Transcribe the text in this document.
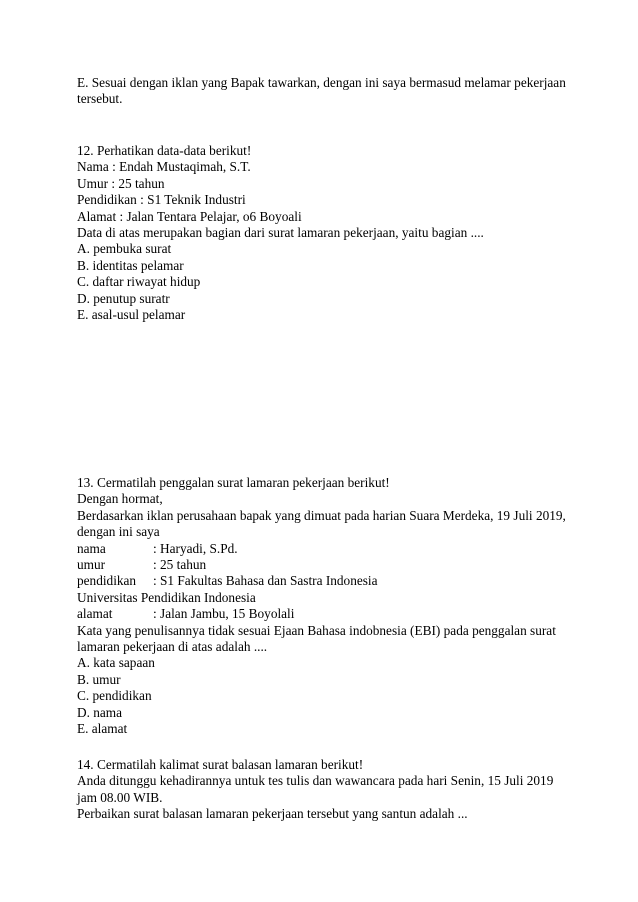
E. Sesuai dengan iklan yang Bapak tawarkan, dengan ini saya bermasud melamar pekerjaan tersebut.
12. Perhatikan data-data berikut!
Nama : Endah Mustaqimah, S.T.
Umur : 25 tahun
Pendidikan : S1 Teknik Industri
Alamat : Jalan Tentara Pelajar, o6 Boyoali
Data di atas merupakan bagian dari surat lamaran pekerjaan, yaitu bagian ....
A. pembuka surat
B. identitas pelamar
C. daftar riwayat hidup
D. penutup suratr
E. asal-usul pelamar
13. Cermatilah penggalan surat lamaran pekerjaan berikut!
Dengan hormat,
Berdasarkan iklan perusahaan bapak yang dimuat pada harian Suara Merdeka, 19 Juli 2019, dengan ini saya
nama	: Haryadi, S.Pd.
umur	: 25 tahun
pendidikan	: S1 Fakultas Bahasa dan Sastra Indonesia
Universitas Pendidikan Indonesia
alamat	: Jalan Jambu, 15 Boyolali
Kata yang penulisannya tidak sesuai Ejaan Bahasa indobnesia (EBI) pada penggalan surat lamaran pekerjaan di atas adalah ....
A. kata sapaan
B. umur
C. pendidikan
D. nama
E. alamat
14. Cermatilah kalimat surat balasan lamaran berikut!
Anda ditunggu kehadirannya untuk tes tulis dan wawancara pada hari Senin, 15 Juli 2019 jam 08.00 WIB.
Perbaikan surat balasan lamaran pekerjaan tersebut yang santun adalah ...
